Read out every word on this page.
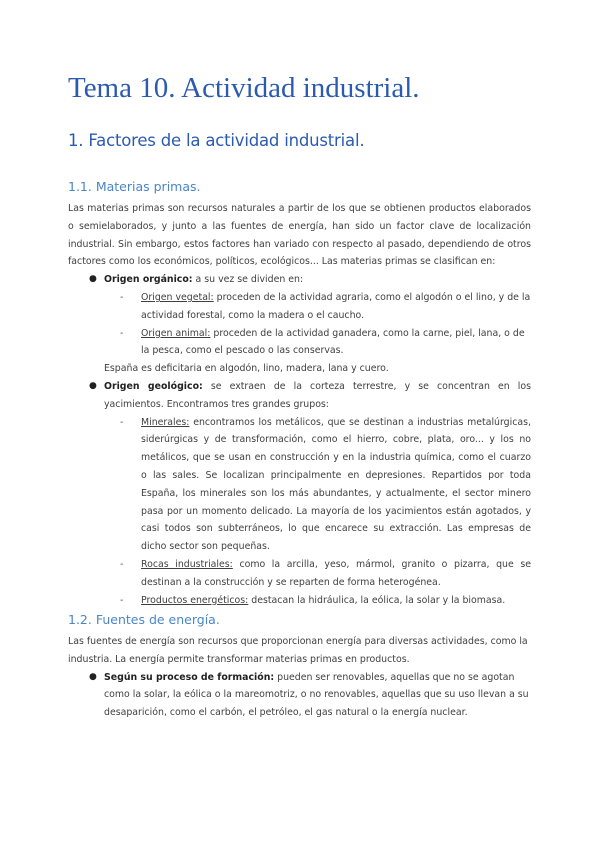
Tema 10. Actividad industrial.
1. Factores de la actividad industrial.
1.1. Materias primas.
Las materias primas son recursos naturales a partir de los que se obtienen productos elaborados o semielaborados, y junto a las fuentes de energía, han sido un factor clave de localización industrial. Sin embargo, estos factores han variado con respecto al pasado, dependiendo de otros factores como los económicos, políticos, ecológicos... Las materias primas se clasifican en:
● Origen orgánico: a su vez se dividen en:
- Origen vegetal: proceden de la actividad agraria, como el algodón o el lino, y de la actividad forestal, como la madera o el caucho.
- Origen animal: proceden de la actividad ganadera, como la carne, piel, lana, o de la pesca, como el pescado o las conservas.
España es deficitaria en algodón, lino, madera, lana y cuero.
● Origen geológico: se extraen de la corteza terrestre, y se concentran en los yacimientos. Encontramos tres grandes grupos:
- Minerales: encontramos los metálicos, que se destinan a industrias metalúrgicas, siderúrgicas y de transformación, como el hierro, cobre, plata, oro... y los no metálicos, que se usan en construcción y en la industria química, como el cuarzo o las sales. Se localizan principalmente en depresiones. Repartidos por toda España, los minerales son los más abundantes, y actualmente, el sector minero pasa por un momento delicado. La mayoría de los yacimientos están agotados, y casi todos son subterráneos, lo que encarece su extracción. Las empresas de dicho sector son pequeñas.
- Rocas industriales: como la arcilla, yeso, mármol, granito o pizarra, que se destinan a la construcción y se reparten de forma heterogénea.
- Productos energéticos: destacan la hidráulica, la eólica, la solar y la biomasa.
1.2. Fuentes de energía.
Las fuentes de energía son recursos que proporcionan energía para diversas actividades, como la industria. La energía permite transformar materias primas en productos.
● Según su proceso de formación: pueden ser renovables, aquellas que no se agotan como la solar, la eólica o la mareomotriz, o no renovables, aquellas que su uso llevan a su desaparición, como el carbón, el petróleo, el gas natural o la energía nuclear.
